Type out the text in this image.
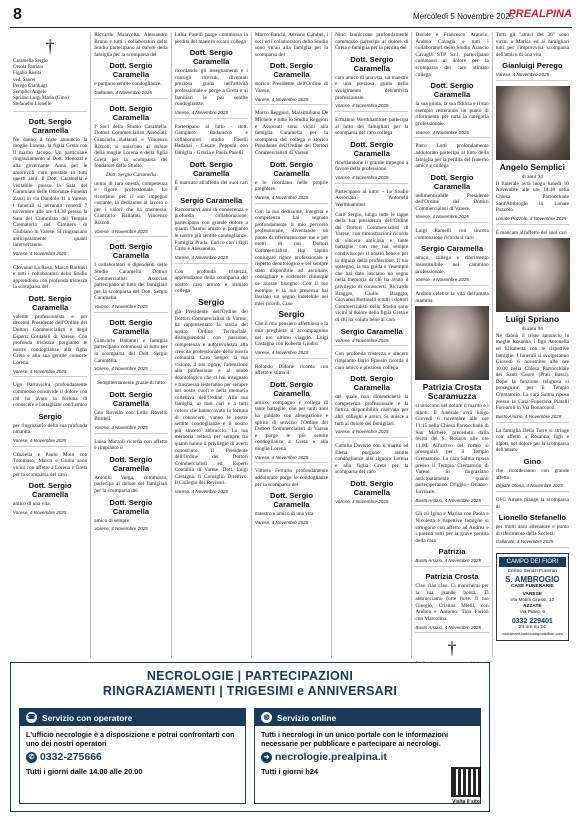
8	Mercoledì 5 Novembre 2025
PREALPINA
†
Caramella Sergio
Orsola Patrizio
Figallo Rosita
ved. Sanrei
Perego Gianluigi
Semplici Angelo
Spriano Luigi Mario (Gino)
Stefanello Lionello
Dott. Sergio Caramella
Ne danno il triste annuncio la moglie Lorena, la figlia Greta con il marito Jacopo. Un particolare ringraziamento al Dott. Menozzi e alla governante Anna per le amorevoli cure prestate in tutti questi anni. Il Dott. Caramella è visitabile presso la Sala del Commiato delle Onoranze Funebri Zanzi in via Dandolo 11 a Varese; i funerali si terranno venerdì 7 novembre alle ore 14.30 presso la Sala del Commiato del Tempio Crematorio del Cimitero di Giubiano in Varese. Si ringraziano anticipatamente quanti interverranno.
Varese, 4 Novembre 2025
Giovanni La Rosa, Marco Barbieri e tutti i collaboratori dello Studio apprendono con profonda tristezza la scomparsa del
Dott. Sergio Caramella
valente professionista e per decenni Presidente dell'Ordine dei Dottori Commercialisti e degli Esperti Contabili di Varese. Con profonda tristezza porgiamo le nostre condoglianze alla figlia Greta e alla sua gentile consorte Lorena.
Varese, 4 Novembre 2025
Ugo Parravicini profondamente commosso condivide il dolore con chi ha avuto la fortuna di conoscere e battagliare con l'amico
Sergio
per ringraziarlo della sua profonda umanità.
Varese, 4 Novembre 2025
Graziella e Paolo Molo con Tommaso, Marco e Giulia sono vicini con affetto a Lorena e Greta per la scomparsa del caro
Dott. Sergio Caramella
amico di una vita.
Varese, 4 Novembre 2025
Riccardo Malavolta, Alessandro Bruno e tutti i collaboratori dello Studio partecipano al dolore della famiglia per la scomparsa del
Dott. Sergio Caramella
e porgono sentite condoglianze.
Gallarate, 4 Novembre 2025
Dott. Sergio Caramella
I Soci dello Studio Caramella, Dottori Commercialisti Associati: Giancarlo Ballarati e Vincenzo Rizzoli, si uniscono al dolore della moglie Lorena e della figlia Greta per la scomparsa del fondatore dello Studio.
Dott. Sergio Caramella
uomo di rara onestà, competenza e rigore professionale. Lo ricordano per il suo impegno costante, la dedizione al lavoro e per i valori che ha trasmesso. Giancarlo Ballarati, Vincenzo Rizzoli.
Varese, 4 Novembre 2025
Dott. Sergio Caramella
I collaboratori e dipendenti dello Studio Caramella Dottori Commercialisti Associati partecipano al lutto dei famigliari per la scomparsa del Dott. Sergio Caramella.
Varese, 4 Novembre 2025
Dott. Sergio Caramella
Giancarlo Ballarati e famiglia partecipano commossi al lutto per la scomparsa del Dott. Sergio Caramella.
Varese, 4 Novembre 2025
Sempiternamente grazie di tutto
Dott. Sergio Caramella
Gea Rovello con Lella Rovello Burdeli.
Varese, 4 Novembre 2025
Luisa Marzoli ricorda con affetto e rimpianto il
Dott. Sergio Caramella
Antonio Verga, commosso, partecipa al dolore dei famigliari per la scomparsa del
Dott. Sergio Caramella
amico di sempre.
Varese, 4 Novembre 2025
Luisa Paselli porge commossa la perdita del maestro e caro collega
Dott. Sergio Caramella
ricordando gli insegnamenti e i consigli ricevuti, diventati preziosa guida nell'attività professionale e porge a Greta e ai familiari le più sentite condoglianze.
Varese, 4 Novembre 2025
Partecipano al lutto - dott. Gianpiero Badaracco e collaboratori studio Paselli Badanai - Cesare Pepponi con famiglia - Grazia e Paola Paselli
Dott. Sergio Caramella
È mancato all'affetto dei suoi cari il
Sergio Caramella
Raccontarvi anni di conoscenza e profonda collaborazione, partecipano con grande dolore a quanti l'hanno amato e porgiamo le nostre più sentite condoglianze. Famiglia Prada. Enrico con i figli Carlo e Alessandro.
Varese, 4 Novembre 2025
Con profonda tristezza, apprendiamo della scomparsa del nostro caro amico e stimato collega
Sergio
già Presidente dell'Ordine dei Dottori Commercialisti di Varese, ha rappresentato la storia del nostro Ordine Territoriale, distinguendosi con passione, competenza e autorevolezza alla crescita professionale della nostra comunità. Caro Sergio, la tua visione, il tuo rigore, l'attenzione alla professione e al senso deontologico che ci hai insegnato e trasmesso resteranno per sempre nei nostri cuori e nella memoria collettiva dell'Ordine. Alla tua famiglia, ai tuoi cari e a tutti coloro che hanno avuto la fortuna di conoscerti, vanno le nostre sentite condoglianze e il nostro più sincero abbraccio. La tua memoria resterà per sempre tra quanti hanno il privilegio di averti conosciuto. Il Presidente dell'Ordine dei Dottori Commercialisti ed Esperti Contabili di Varese. Dott. Luigi Castagna. Il Consiglio Direttivo. Il Collegio dei Revisori.
Varese, 4 Novembre 2025
Marco Banchi, Adriano Carabei, i soci ed i collaboratori dello Studio sono vicini alla famiglia per la scomparsa del
Dott. Sergio Caramella
storico Presidente dell'Ordine di Varese.
Varese, 4 Novembre 2025
Marco Reggiori, Massimiliano De Michele e tutto lo Studio Reggiori e Associati sono vicini alla famiglia Caramella per la scomparsa del collega e storico Presidente dell'Ordine dei Dottori Commercialisti di Varese
Dott. Sergio Caramella
e lo ricordano nelle proprie preghiere.
Varese, 4 Novembre 2025
Con la tua dedizione, integrità e competenza hai segnato profondamente il mio percorso professionale, diventando un punto di riferimento per me e per molti di noi Dottori Commercialisti. Hai saputo coniugare rigore professionale e rispetto deontologico e sei sempre stato disponibile ad ascoltare, consigliare e sostenere chiunque ne avesse bisogno. Con il tuo esempio e la tua presenza hai lasciato un segno indelebile nei miei ricordi. Ciao
Sergio
Che il mio pensiero affettuoso e la mia preghiera ti accompagnino nel tuo ultimo viaggio. Luigi Castagna con Roberta Giudici
Varese, 4 Novembre 2025
Rolando Didonè ricorda con affetto e stima il
Dott. Sergio Caramella
amico, compagno e collega di tante battaglie, che per tanti anni ha guidato con abnegazione e spirito di servizio l'Ordine dei Dottori Commercialisti di Varese e porge le più sentite condoglianze a Greta e alla moglie Lorena.
Varese, 4 Novembre 2025
Vittorio Ferrario profondamente addolorato porge le condoglianze per la scomparsa del
Dott. Sergio Caramella
maestro e amico di una vita.
Varese, 4 Novembre 2025
Nino Ianniccone profondamente commosso partecipa al dolore di Greta e famiglia per la perdita del
Dott. Sergio Caramella
caro amico di una vita, un maestro e una preziosa guida nello svolgimento dell'attività professionale.
Varese, 4 Novembre 2025
Ermanno Werthhammer partecipa al lutto dei famigliari per la scomparsa del caro collega
Dott. Sergio Caramella
ricordandone il grande impegno a favore della professione.
Varese, 4 Novembre 2025
Partecipano al lutto: - Lo Studio Associato Antonelli Werthhammer
Caro Sergio, lungo tutte le tappe della tua presidenza dell'Ordine dei Dottori Commercialisti di Varese, con dimostrazioni ricordo di sincera amicizia e tante battaglie, con me hai sempre condiviso per il nostro bene e per la dignità della professione. Il tuo sostegno, la tua guida e l'esempio che hai dato lasciano un segno nella memoria di chi ha avuto il privilegio di conoscerti. Riccardo Braggio, Giulio Braggio, Giovanni Bottinelli e tutti i dottori Commercialisti dello Studio sono vicini al dolore della figlia Greta e di chi ha voluto bene al caro
Sergio Caramella
Varese, 4 Novembre 2025
Con profonda tristezza e sincero rimpianto Ilario Frausin ricorda il caro amico e prezioso collega
Dott. Sergio Caramella
del quale non dimenticherà la competenza professionale e la fattiva disponibilità riservata per altri colleghi e amici. Si unisce a tutti al dolore dei famigliari.
Varese, 4 Novembre 2025
Camilla Daverio con il marito ed Elena porgono sentite condoglianze alla signora Lorena e alla figlia Greta per la scomparsa del caro
Dott. Sergio Caramella
Varese, 4 Novembre 2025
Davide e Francesco Arancio, Andrea Cavaglà e tutti i collaboratori dello Studio Arancio Cavaglà STP S.r.l. partecipano commossi al dolore per la scomparsa del caro stimato collega
Dott. Sergio Caramella
la sua guida, la sua fiducia e il suo esempio resteranno un punto di riferimento per tutta la categoria professionale.
Varese, 4 Novembre 2025
Piero Lotti profondamente addolorato partecipa al lutto della famiglia per la perdita del fraterno amico e collega
Dott. Sergio Caramella
indimenticabile Presidente dell'Ordine dei Dottori Commercialisti di Varese.
Varese, 4 Novembre 2025
Luigi Ramelli con sincera commozione ricorda il caro
Sergio Caramella
amico, collega e riferimento insostituibile nel cammino professionale.
Varese, 4 Novembre 2025
Andrea celebra la vita dell'amata mamma
Patrizia Crosta Scaramuzza
si uniscono nel dolore il marito e i nipoti. Il funerale avrà luogo Giovedì 6 novembre alle ore 11.15 nella Chiesa Parrocchiale di San Michele, preceduto dalla recita del S. Rosario alle ore 11.00. All'arrivo del corteo si proseguirà per il Tempio Crematorio. La cara Salma riposa presso il Tempio Crematorio di Varese. Si ringraziano anticipatamente quanti parteciperanno. Origgio - Oriano - Luvinate.
Busto Arsizio, 4 Novembre 2025
Gli zii Igino e Marisa con Paola e Nicoletta e rispettive famiglie si stringono con affetto ad Andrea e i parenti tutti per la grave perdita della cara
Patrizia
Busto Arsizio, 4 Novembre 2025
Patrizia Crosta
Ciao ciao ciao. Ci mancherai per la tua grande bontà. Ti abbracciamo forte forte. Il tuo Giorgio, Cristina Mielli, con Andrea e Antonio. Tino Farioli con Marcolina.
Busto Arsizio, 4 Novembre 2025
†
Tutti gli "amici del 36" sono vicini a Marisa ed ai famigliari tutti per l'improvvisa scomparsa dell'amico di una vita
Gianluigi Perego
Varese, 4 Novembre 2025
Angelo Semplici
di anni 94
Il funerale avrà luogo lunedì 10 Novembre alle ore 14.30 nella Chiesa Parrocchiale Sant'Ambrogio in Lonate Pozzolo.
Lonate Pozzolo, 4 Novembre 2025
È mancato all'affetto dei suoi cari
Luigi Spriano
di anni 94
Ne danno il triste annuncio la moglie Rosanna, i figli Antonella ed Elisabetta con le rispettive famiglie. I funerali si svolgeranno Giovedì 6 novembre alle ore 10.00 nella Chiesa Parrocchiale dei Santi Cuore (Prati Bassi). Dopo la funzione religiosa si proseguirà per il Tempio Crematorio. La cara Salma riposa presso la Casa Funeraria Piatelli Fornaroli in Via Bonaccorsi.
Busto Arsizio, 4 Novembre 2025
La famiglia Della Torre si stringe con affetto a Rosanna, figli e nipoti, nel dolore per la scomparsa dell'amato
Gino
che ricorderanno con grande affetto.
Olgiate Olona, 4 Novembre 2025
OFC Amate piange la scomparsa di
Lionello Stefanello
per molti anni allenatore e punto di riferimento della Società.
Gallarate, 4 Novembre 2025
CAMPO DEI FIORI
Centro Servizi Funerari
S. AMBROGIO
CASE FUNERARIE
VARESE
Via Molini Grassi, 10
AZZATE
Via Piave, 6
0332 229401
24 ore su 24
onoranzefunebricampodeifiori.com
NECROLOGIE | PARTECIPAZIONI
RINGRAZIAMENTI | TRIGESIMI e ANNIVERSARI
☎ Servizio con operatore
L'ufficio necrologie è a disposizione e potrai confrontarti con uno dei nostri operatori
✆ 0332-275666
Tutti i giorni dalle 14.00 alle 20.00
◍ Servizio online
Tutti i necrologi in un unico portale con le informazioni necessarie per pubblicare e partecipare ai necrologi.
➜ necrologie.prealpina.it
Tutti i giorni h24
Visita il sito
